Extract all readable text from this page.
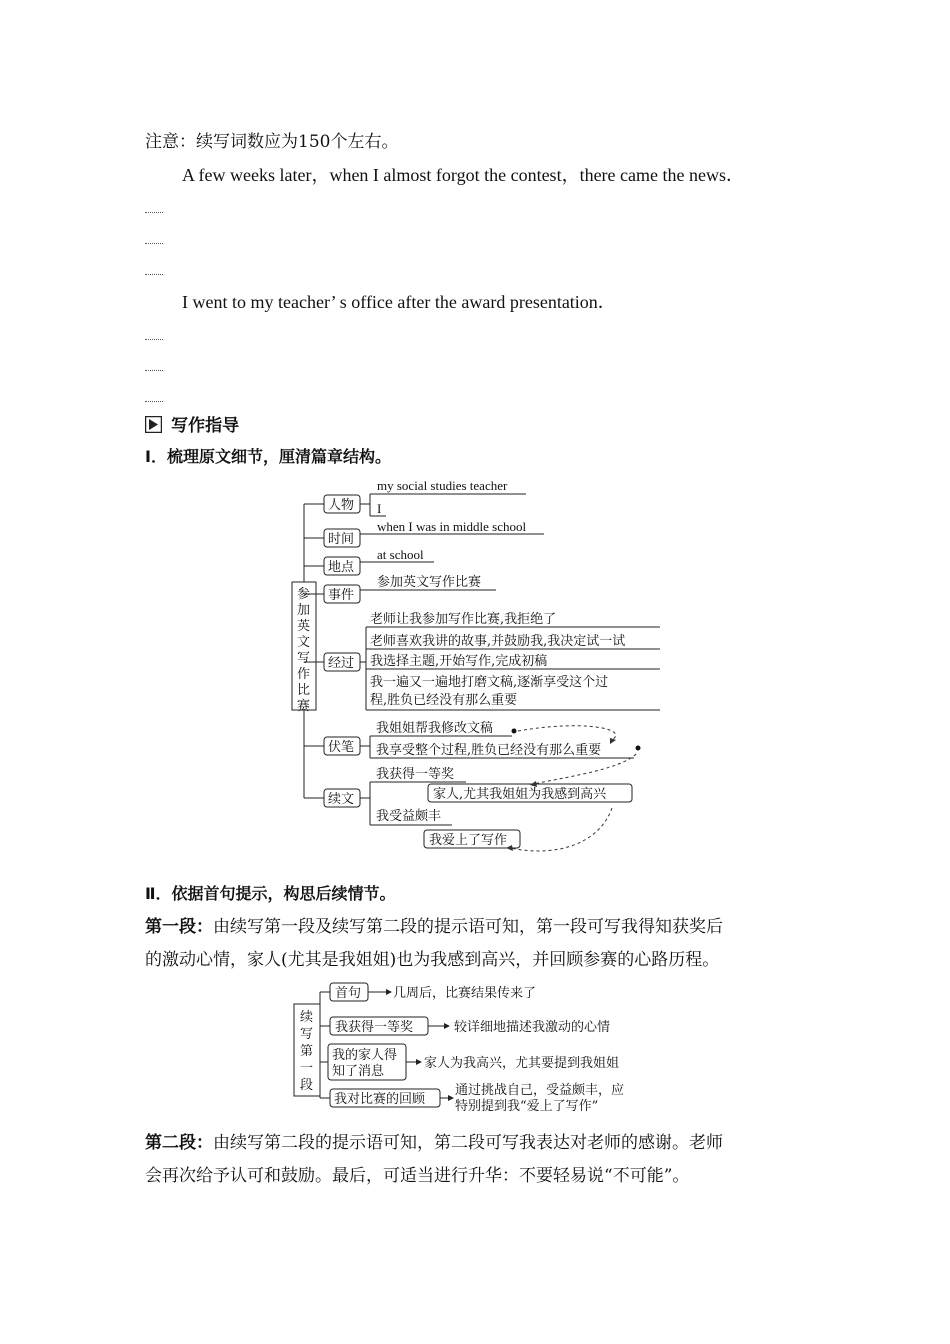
注意：续写词数应为150个左右。
A few weeks later，when I almost forgot the contest，there came the news．
I went to my teacher’ s office after the award presentation．
写作指导
Ⅰ．梳理原文细节，厘清篇章结构。
参
加
英
文
写
作
比
赛
人物
my social studies teacher
I
时间
when I was in middle school
地点
at school
事件
参加英文写作比赛
经过
老师让我参加写作比赛,我拒绝了
老师喜欢我讲的故事,并鼓励我,我决定试一试
我选择主题,开始写作,完成初稿
我一遍又一遍地打磨文稿,逐渐享受这个过
程,胜负已经没有那么重要
伏笔
我姐姐帮我修改文稿
我享受整个过程,胜负已经没有那么重要
续文
我获得一等奖
家人,尤其我姐姐为我感到高兴
我受益颇丰
我爱上了写作
Ⅱ．依据首句提示，构思后续情节。
第一段：由续写第一段及续写第二段的提示语可知，第一段可写我得知获奖后
的激动心情，家人(尤其是我姐姐)也为我感到高兴，并回顾参赛的心路历程。
续
写
第
一
段
首句 几周后，比赛结果传来了
我获得一等奖	较详细地描述我激动的心情
我的家人得
知了消息
家人为我高兴，尤其要提到我姐姐
我对比赛的回顾
通过挑战自己，受益颇丰，应
特别提到我“爱上了写作”
第二段：由续写第二段的提示语可知，第二段可写我表达对老师的感谢。老师
会再次给予认可和鼓励。最后，可适当进行升华：不要轻易说“不可能”。
